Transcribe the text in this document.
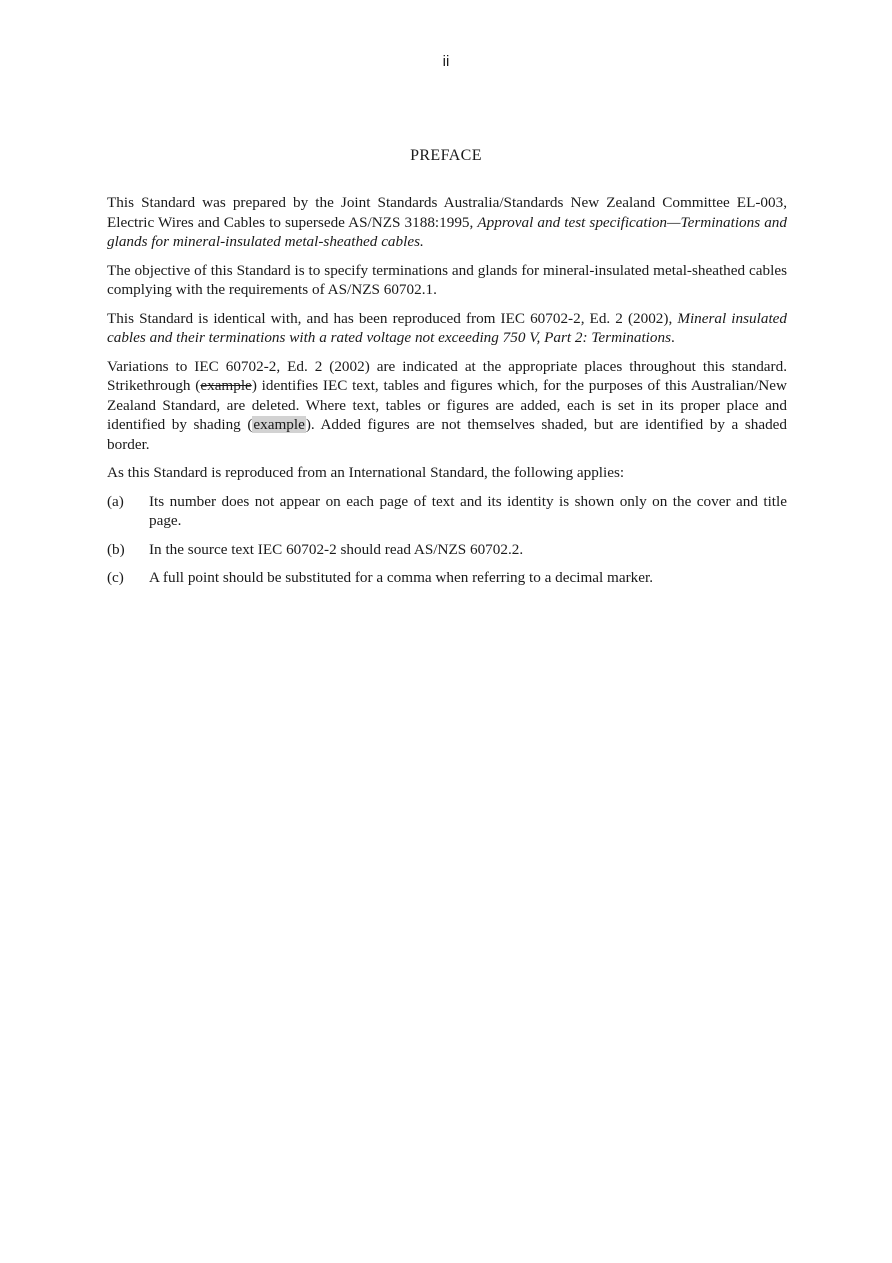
ii
PREFACE

This Standard was prepared by the Joint Standards Australia/Standards New Zealand Committee EL-003, Electric Wires and Cables to supersede AS/NZS 3188:1995, Approval and test specification—Terminations and glands for mineral-insulated metal-sheathed cables.

The objective of this Standard is to specify terminations and glands for mineral-insulated metal-sheathed cables complying with the requirements of AS/NZS 60702.1.

This Standard is identical with, and has been reproduced from IEC 60702-2, Ed. 2 (2002), Mineral insulated cables and their terminations with a rated voltage not exceeding 750 V, Part 2: Terminations.

Variations to IEC 60702-2, Ed. 2 (2002) are indicated at the appropriate places throughout this standard. Strikethrough (example) identifies IEC text, tables and figures which, for the purposes of this Australian/New Zealand Standard, are deleted. Where text, tables or figures are added, each is set in its proper place and identified by shading (example). Added figures are not themselves shaded, but are identified by a shaded border.

As this Standard is reproduced from an International Standard, the following applies:

(a)	Its number does not appear on each page of text and its identity is shown only on the cover and title page.
(b)	In the source text IEC 60702-2 should read AS/NZS 60702.2.
(c)	A full point should be substituted for a comma when referring to a decimal marker.
